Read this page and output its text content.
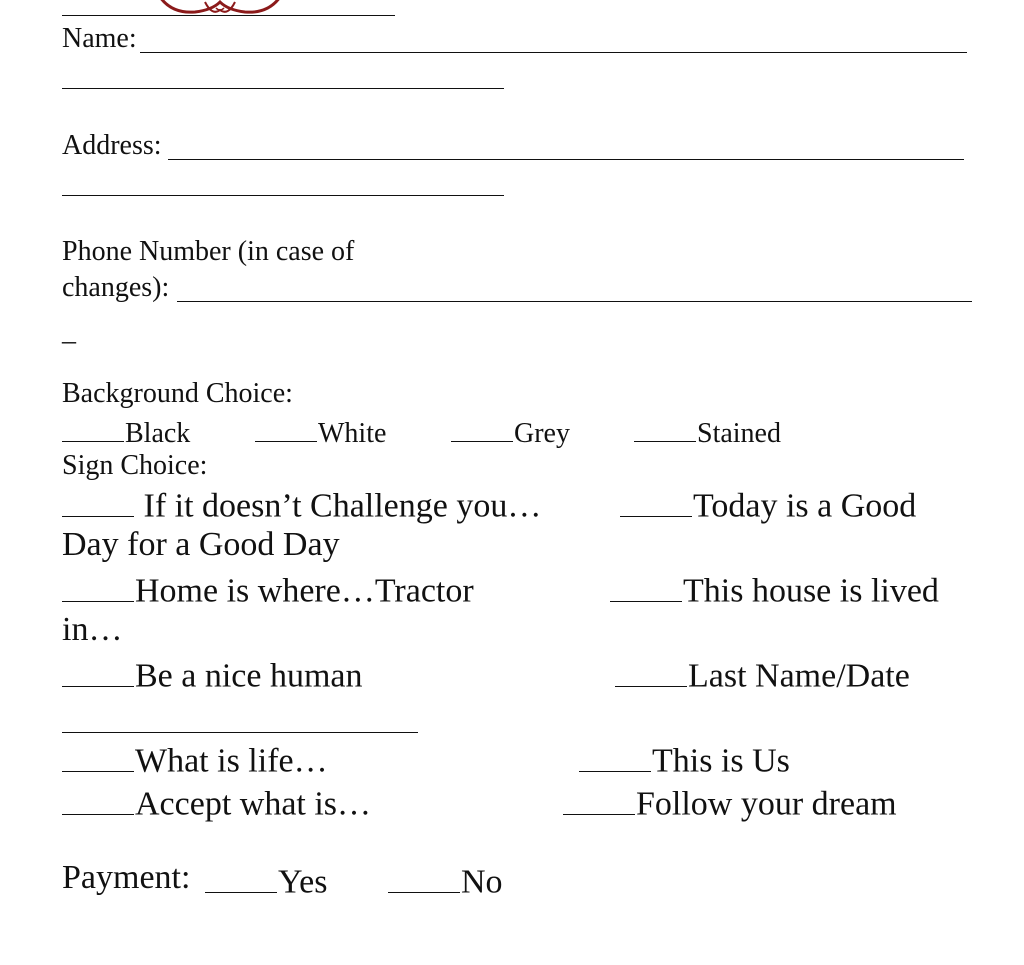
Name:
Address:
Phone Number (in case of
changes):
_
Background Choice:
Black	White	Grey	Stained
Sign Choice:
If it doesn’t Challenge you…	Today is a Good
Day for a Good Day
Home is where…Tractor	This house is lived
in…
Be a nice human	Last Name/Date
What is life…	This is Us
Accept what is…	Follow your dream
Payment:	Yes	No
